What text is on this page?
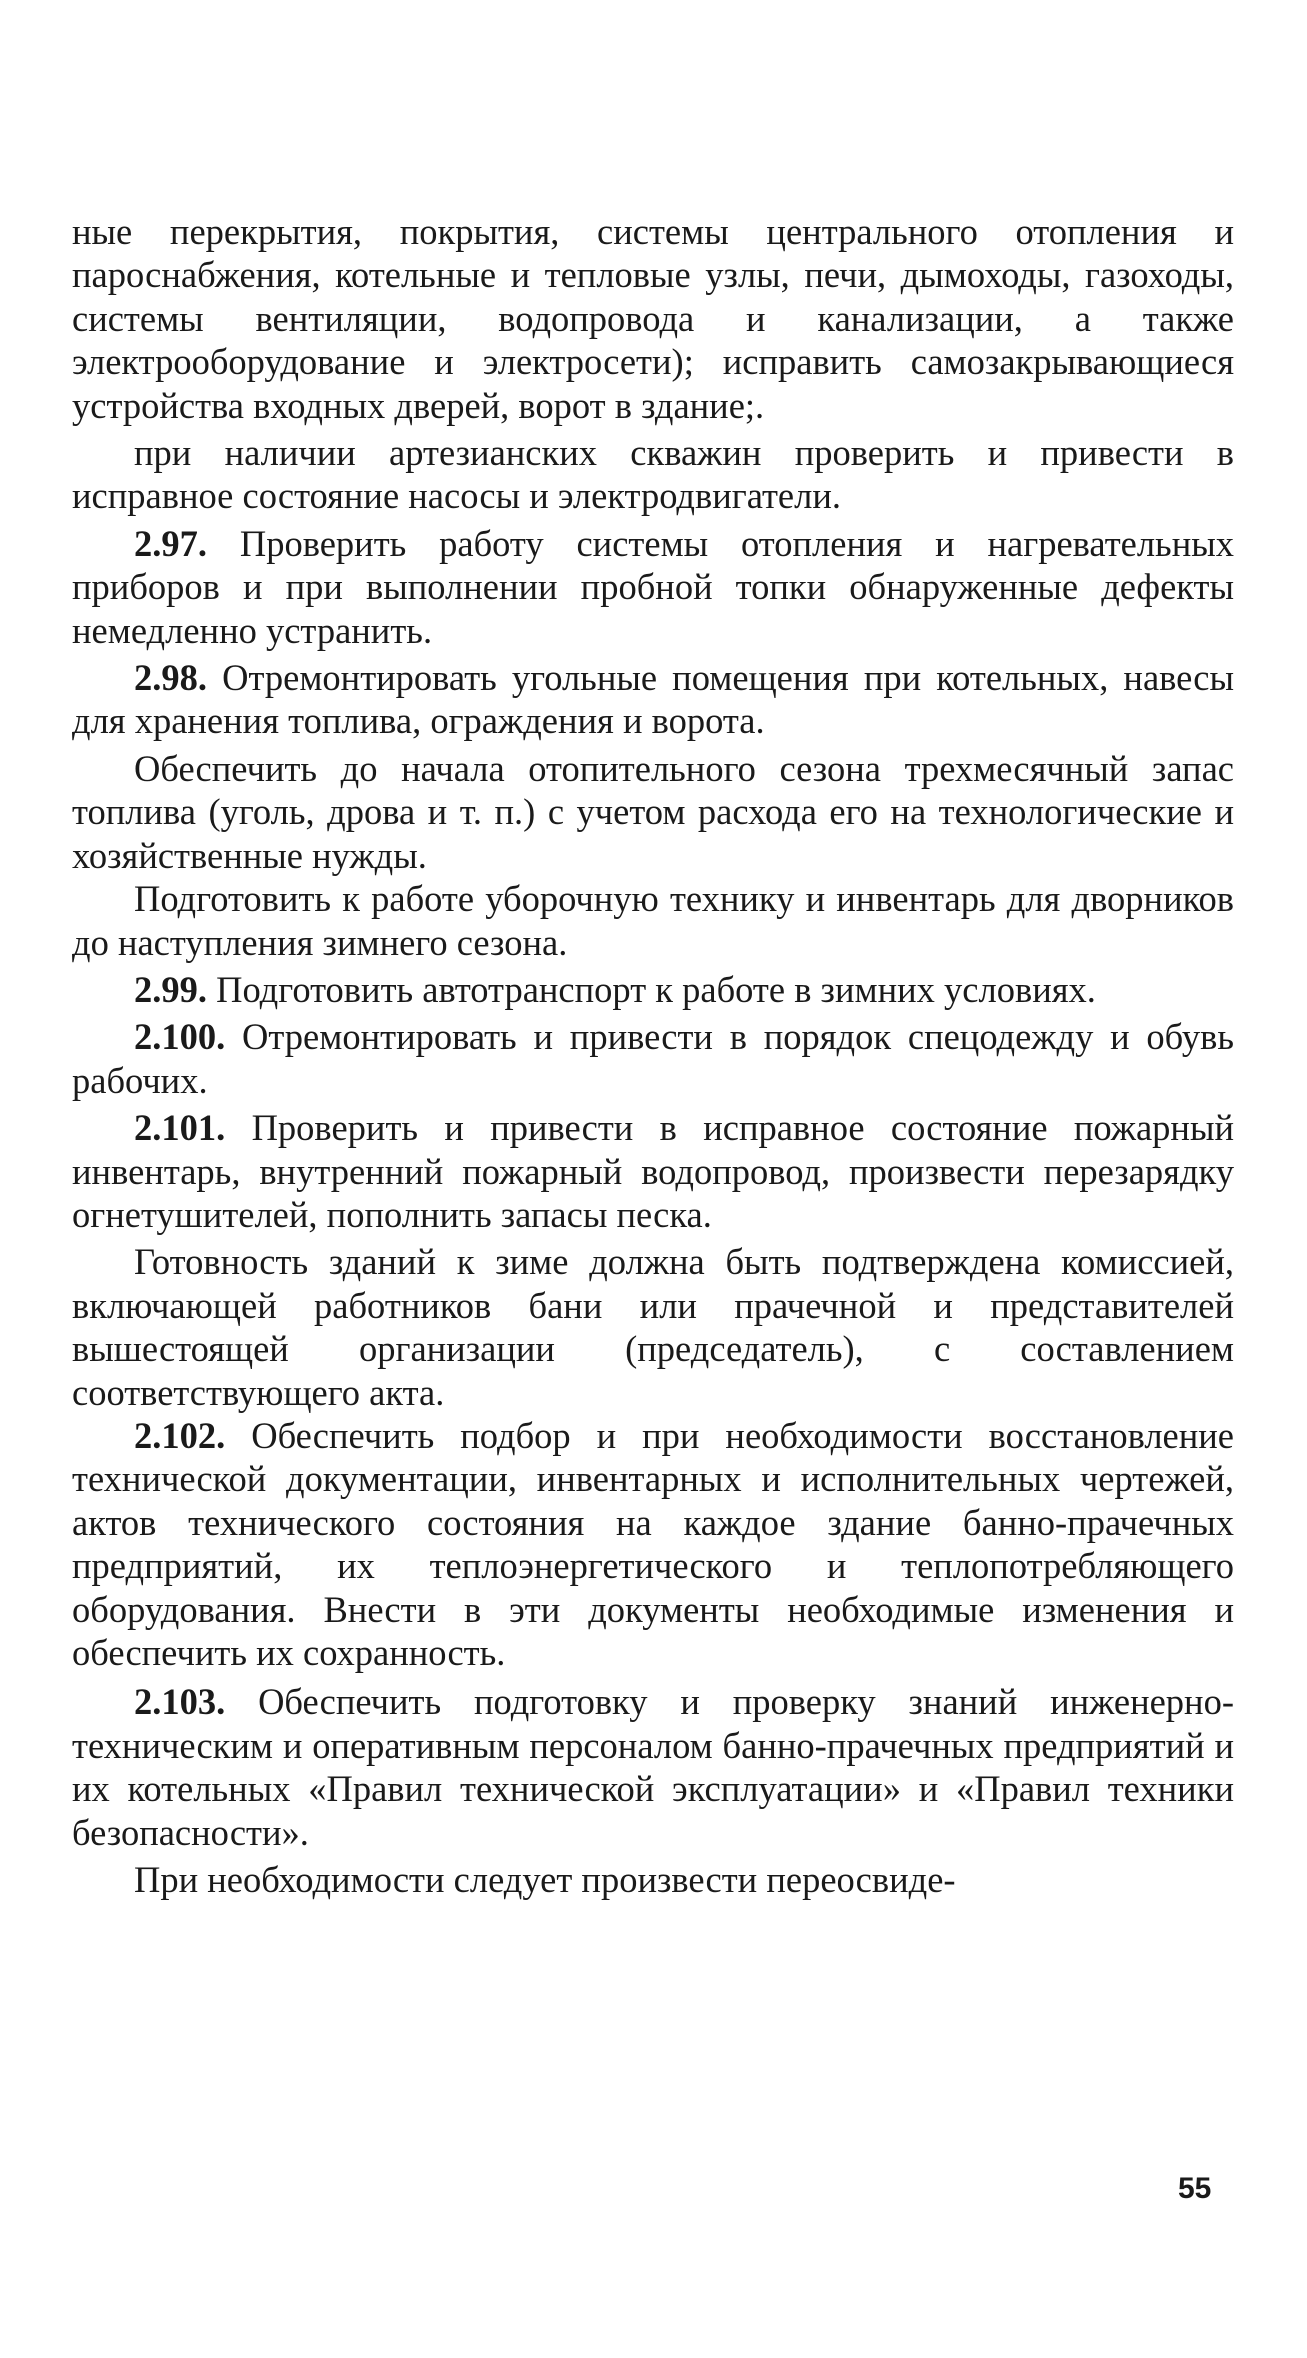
ные перекрытия, покрытия, системы центрального отопления и пароснабжения, котельные и тепловые узлы, печи, дымоходы, газоходы, системы вентиляции, водопровода и канализации, а также электрооборудование и электросети); исправить самозакрывающиеся устройства входных дверей, ворот в здание;.

при наличии артезианских скважин проверить и привести в исправное состояние насосы и электродвигатели.

2.97. Проверить работу системы отопления и нагревательных приборов и при выполнении пробной топки обнаруженные дефекты немедленно устранить.

2.98. Отремонтировать угольные помещения при котельных, навесы для хранения топлива, ограждения и ворота.

Обеспечить до начала отопительного сезона трехмесячный запас топлива (уголь, дрова и т. п.) с учетом расхода его на технологические и хозяйственные нужды.

Подготовить к работе уборочную технику и инвентарь для дворников до наступления зимнего сезона.

2.99. Подготовить автотранспорт к работе в зимних условиях.

2.100. Отремонтировать и привести в порядок спецодежду и обувь рабочих.

2.101. Проверить и привести в исправное состояние пожарный инвентарь, внутренний пожарный водопровод, произвести перезарядку огнетушителей, пополнить запасы песка.

Готовность зданий к зиме должна быть подтверждена комиссией, включающей работников бани или прачечной и представителей вышестоящей организации (председатель), с составлением соответствующего акта.

2.102. Обеспечить подбор и при необходимости восстановление технической документации, инвентарных и исполнительных чертежей, актов технического состояния на каждое здание банно-прачечных предприятий, их теплоэнергетического и теплопотребляющего оборудования. Внести в эти документы необходимые изменения и обеспечить их сохранность.

2.103. Обеспечить подготовку и проверку знаний инженерно-техническим и оперативным персоналом банно-прачечных предприятий и их котельных «Правил технической эксплуатации» и «Правил техники безопасности».

При необходимости следует произвести переосвиде-

55
